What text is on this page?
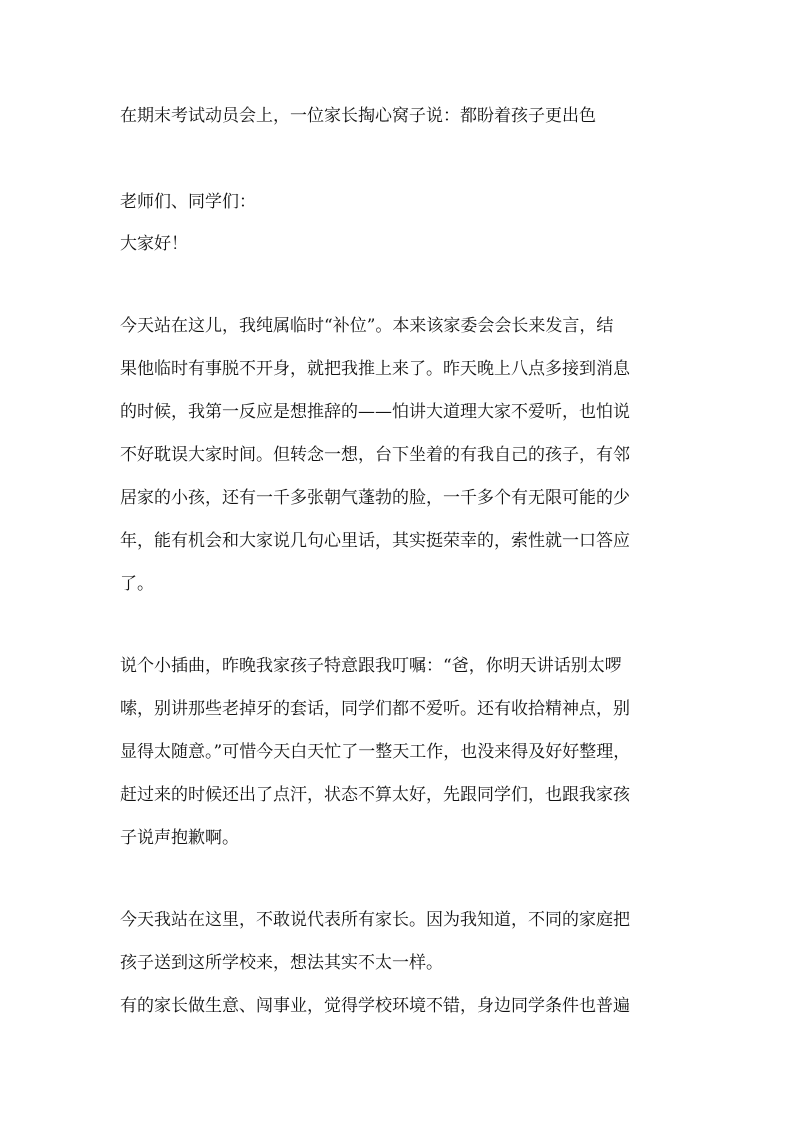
在期末考试动员会上，一位家长掏心窝子说：都盼着孩子更出色

老师们、同学们：

大家好！

今天站在这儿，我纯属临时“补位”。本来该家委会会长来发言，结

果他临时有事脱不开身，就把我推上来了。昨天晚上八点多接到消息

的时候，我第一反应是想推辞的——怕讲大道理大家不爱听，也怕说

不好耽误大家时间。但转念一想，台下坐着的有我自己的孩子，有邻

居家的小孩，还有一千多张朝气蓬勃的脸，一千多个有无限可能的少

年，能有机会和大家说几句心里话，其实挺荣幸的，索性就一口答应

了。

说个小插曲，昨晚我家孩子特意跟我叮嘱：“爸，你明天讲话别太啰

嗦，别讲那些老掉牙的套话，同学们都不爱听。还有收拾精神点，别

显得太随意。”可惜今天白天忙了一整天工作，也没来得及好好整理，

赶过来的时候还出了点汗，状态不算太好，先跟同学们，也跟我家孩

子说声抱歉啊。

今天我站在这里，不敢说代表所有家长。因为我知道，不同的家庭把

孩子送到这所学校来，想法其实不太一样。

有的家长做生意、闯事业，觉得学校环境不错，身边同学条件也普遍
